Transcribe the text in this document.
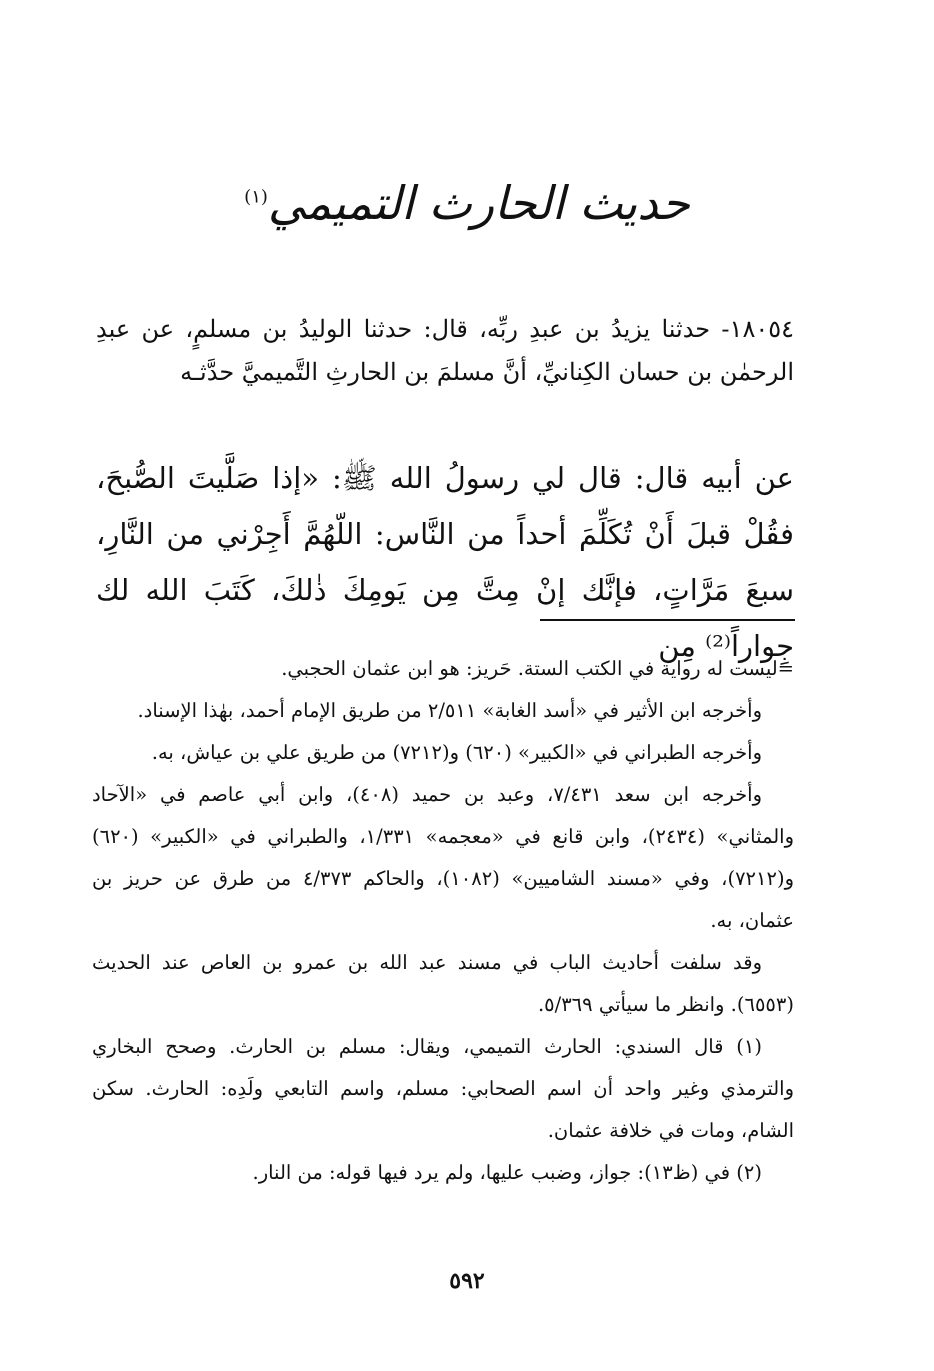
حديث الحارث التميمي$^{(١)}$

١٨٠٥٤- حدثنا يزيدُ بن عبدِ ربِّه، قال: حدثنا الوليدُ بن مسلمٍ، عن عبدِ الرحمٰن بن حسان الكِنانيِّ، أنَّ مسلمَ بن الحارثِ التَّميميَّ حدَّثـه

عن أبيه قال: قال لي رسولُ الله ﷺ: «إذا صَلَّيتَ الصُّبحَ، فقُلْ قبلَ أَنْ تُكَلِّمَ أحداً من النَّاس: اللّهُمَّ أَجِرْني من النَّارِ، سبعَ مَرَّاتٍ، فإنَّك إنْ مِتَّ مِن يَومِكَ ذٰلكَ، كَتَبَ الله لك جِواراً⁽²⁾ مِن

=ليست له رواية في الكتب الستة. حَريز: هو ابن عثمان الحجبي.

وأخرجه ابن الأثير في «أسد الغابة» ٢/٥١١ من طريق الإمام أحمد، بهٰذا الإسناد.

وأخرجه الطبراني في «الكبير» (٦٢٠) و(٧٢١٢) من طريق علي بن عياش، به.

وأخرجه ابن سعد ٧/٤٣١، وعبد بن حميد (٤٠٨)، وابن أبي عاصم في «الآحاد والمثاني» (٢٤٣٤)، وابن قانع في «معجمه» ١/٣٣١، والطبراني في «الكبير» (٦٢٠) و(٧٢١٢)، وفي «مسند الشاميين» (١٠٨٢)، والحاكم ٤/٣٧٣ من طرق عن حريز بن عثمان، به.

وقد سلفت أحاديث الباب في مسند عبد الله بن عمرو بن العاص عند الحديث (٦٥٥٣). وانظر ما سيأتي ٥/٣٦٩.

(١) قال السندي: الحارث التميمي، ويقال: مسلم بن الحارث. وصحح البخاري والترمذي وغير واحد أن اسم الصحابي: مسلم، واسم التابعي ولَدِه: الحارث. سكن الشام، ومات في خلافة عثمان.

(٢) في (ظ١٣): جواز، وضبب عليها، ولم يرد فيها قوله: من النار.

٥٩٢
